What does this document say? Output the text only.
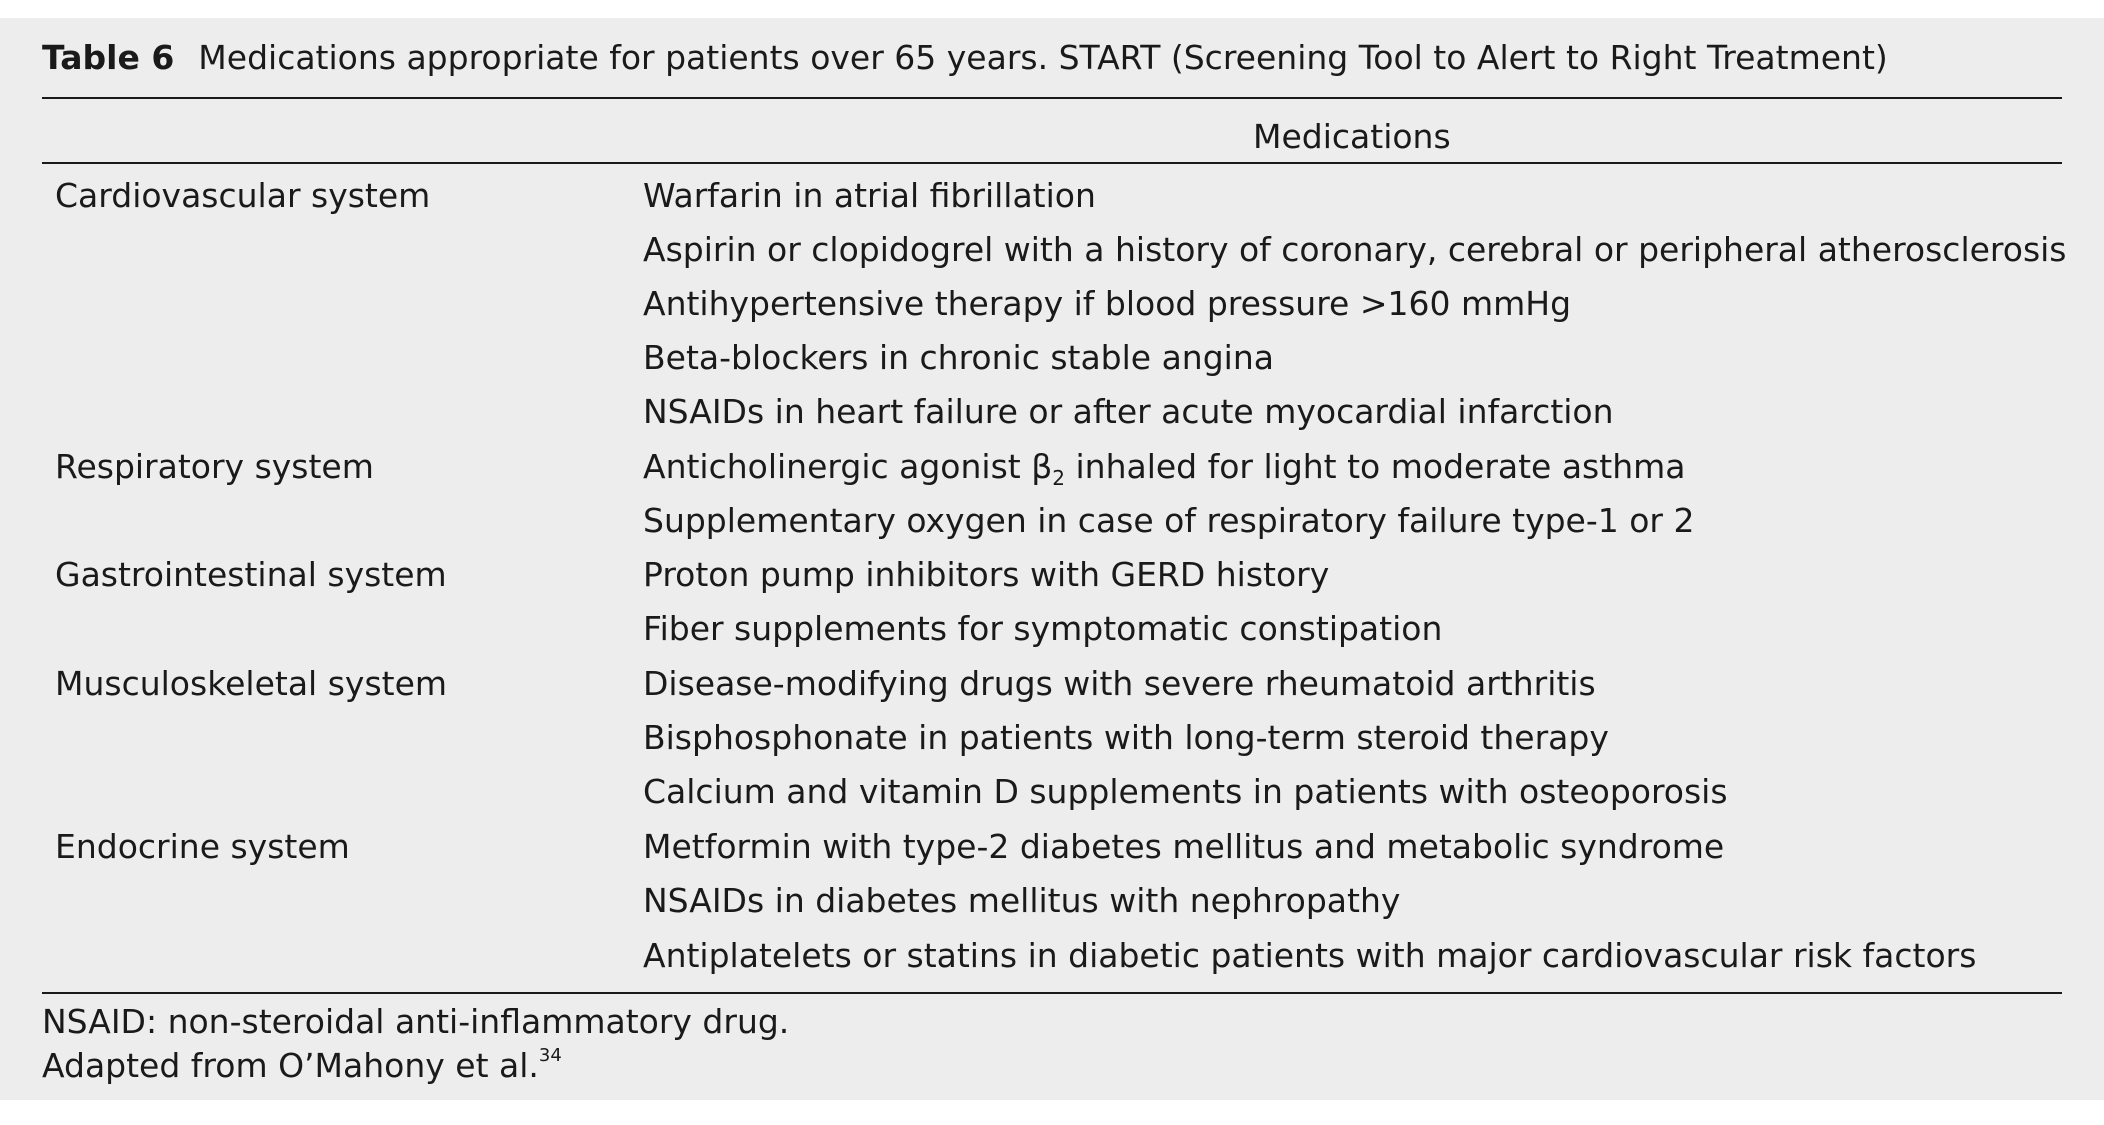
Table 6 Medications appropriate for patients over 65 years. START (Screening Tool to Alert to Right Treatment)
Medications
Cardiovascular system	Warfarin in atrial fibrillation
Aspirin or clopidogrel with a history of coronary, cerebral or peripheral atherosclerosis
Antihypertensive therapy if blood pressure >160 mmHg
Beta-blockers in chronic stable angina
NSAIDs in heart failure or after acute myocardial infarction
Respiratory system	Anticholinergic agonist $\beta_2$ inhaled for light to moderate asthma
Supplementary oxygen in case of respiratory failure type-1 or 2
Gastrointestinal system	Proton pump inhibitors with GERD history
Fiber supplements for symptomatic constipation
Musculoskeletal system	Disease-modifying drugs with severe rheumatoid arthritis
Bisphosphonate in patients with long-term steroid therapy
Calcium and vitamin D supplements in patients with osteoporosis
Endocrine system	Metformin with type-2 diabetes mellitus and metabolic syndrome
NSAIDs in diabetes mellitus with nephropathy
Antiplatelets or statins in diabetic patients with major cardiovascular risk factors
NSAID: non-steroidal anti-inflammatory drug.
Adapted from O’Mahony et al.$^{34}$
